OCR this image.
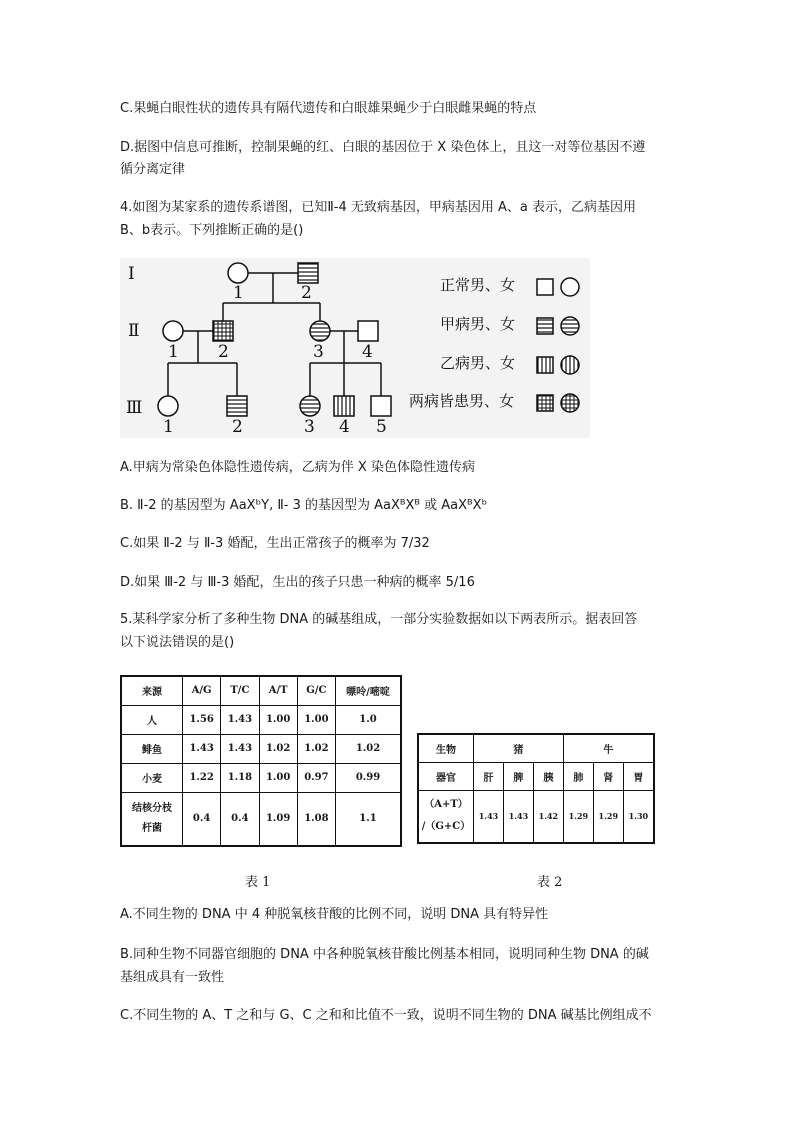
C.果蝇白眼性状的遗传具有隔代遗传和白眼雄果蝇少于白眼雌果蝇的特点
D.据图中信息可推断，控制果蝇的红、白眼的基因位于 X 染色体上，且这一对等位基因不遵
循分离定律
4.如图为某家系的遗传系谱图，已知Ⅱ-4 无致病基因，甲病基因用 A、a 表示，乙病基因用
B、b表示。下列推断正确的是()
Ⅰ
Ⅱ
Ⅲ
1	2
1 2	3 4
1	2	3 4 5
正常男、女
甲病男、女
乙病男、女
两病皆患男、女
A.甲病为常染色体隐性遗传病，乙病为伴 X 染色体隐性遗传病
B. Ⅱ-2 的基因型为 AaXᵇY, Ⅱ- 3 的基因型为 AaXᴮXᴮ 或 AaXᴮXᵇ
C.如果 Ⅱ-2 与 Ⅱ-3 婚配，生出正常孩子的概率为 7/32
D.如果 Ⅲ-2 与 Ⅲ-3 婚配，生出的孩子只患一种病的概率 5/16
5.某科学家分析了多种生物 DNA 的碱基组成，一部分实验数据如以下两表所示。据表回答
以下说法错误的是()
来源	A/G	T/C	A/T	G/C	嘌呤/嘧啶
人	1.56	1.43	1.00	1.00	1.0
鲱鱼	1.43	1.43	1.02	1.02	1.02
小麦	1.22	1.18	1.00	0.97	0.99
结核分枝杆菌	0.4	0.4	1.09	1.08	1.1
生物	猪			牛		
器官	肝	脾	胰	肺	肾	胃

（A+T）
/（G+C）	1.43	1.43	1.42	1.29	1.29	1.30
表 1	表 2
A.不同生物的 DNA 中 4 种脱氧核苷酸的比例不同，说明 DNA 具有特异性
B.同种生物不同器官细胞的 DNA 中各种脱氧核苷酸比例基本相同，说明同种生物 DNA 的碱
基组成具有一致性
C.不同生物的 A、T 之和与 G、C 之和和比值不一致，说明不同生物的 DNA 碱基比例组成不
